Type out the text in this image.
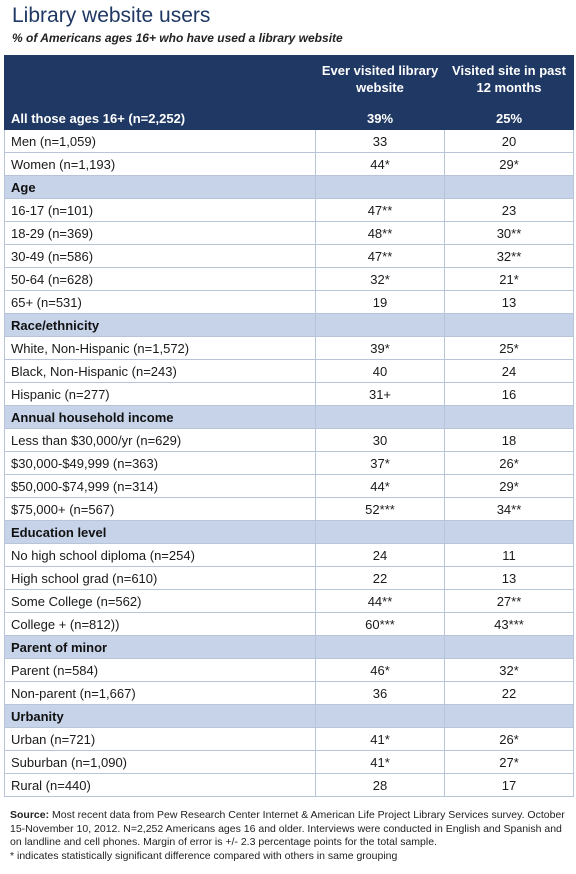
Library website users
% of Americans ages 16+ who have used a library website
	Ever visited library website	Visited site in past 12 months
All those ages 16+ (n=2,252)	39%	25%
Men (n=1,059)	33	20
Women (n=1,193)	44*	29*
Age		
16-17 (n=101)	47**	23
18-29 (n=369)	48**	30**
30-49 (n=586)	47**	32**
50-64 (n=628)	32*	21*
65+ (n=531)	19	13
Race/ethnicity		
White, Non-Hispanic (n=1,572)	39*	25*
Black, Non-Hispanic (n=243)	40	24
Hispanic (n=277)	31+	16
Annual household income		
Less than $30,000/yr (n=629)	30	18
$30,000-$49,999 (n=363)	37*	26*
$50,000-$74,999 (n=314)	44*	29*
$75,000+ (n=567)	52***	34**
Education level		
No high school diploma (n=254)	24	11
High school grad (n=610)	22	13
Some College (n=562)	44**	27**
College + (n=812))	60***	43***
Parent of minor		
Parent (n=584)	46*	32*
Non-parent (n=1,667)	36	22
Urbanity		
Urban (n=721)	41*	26*
Suburban (n=1,090)	41*	27*
Rural (n=440)	28	17
Source: Most recent data from Pew Research Center Internet & American Life Project Library Services survey. October 15-November 10, 2012. N=2,252 Americans ages 16 and older. Interviews were conducted in English and Spanish and on landline and cell phones. Margin of error is +/- 2.3 percentage points for the total sample.
* indicates statistically significant difference compared with others in same grouping
